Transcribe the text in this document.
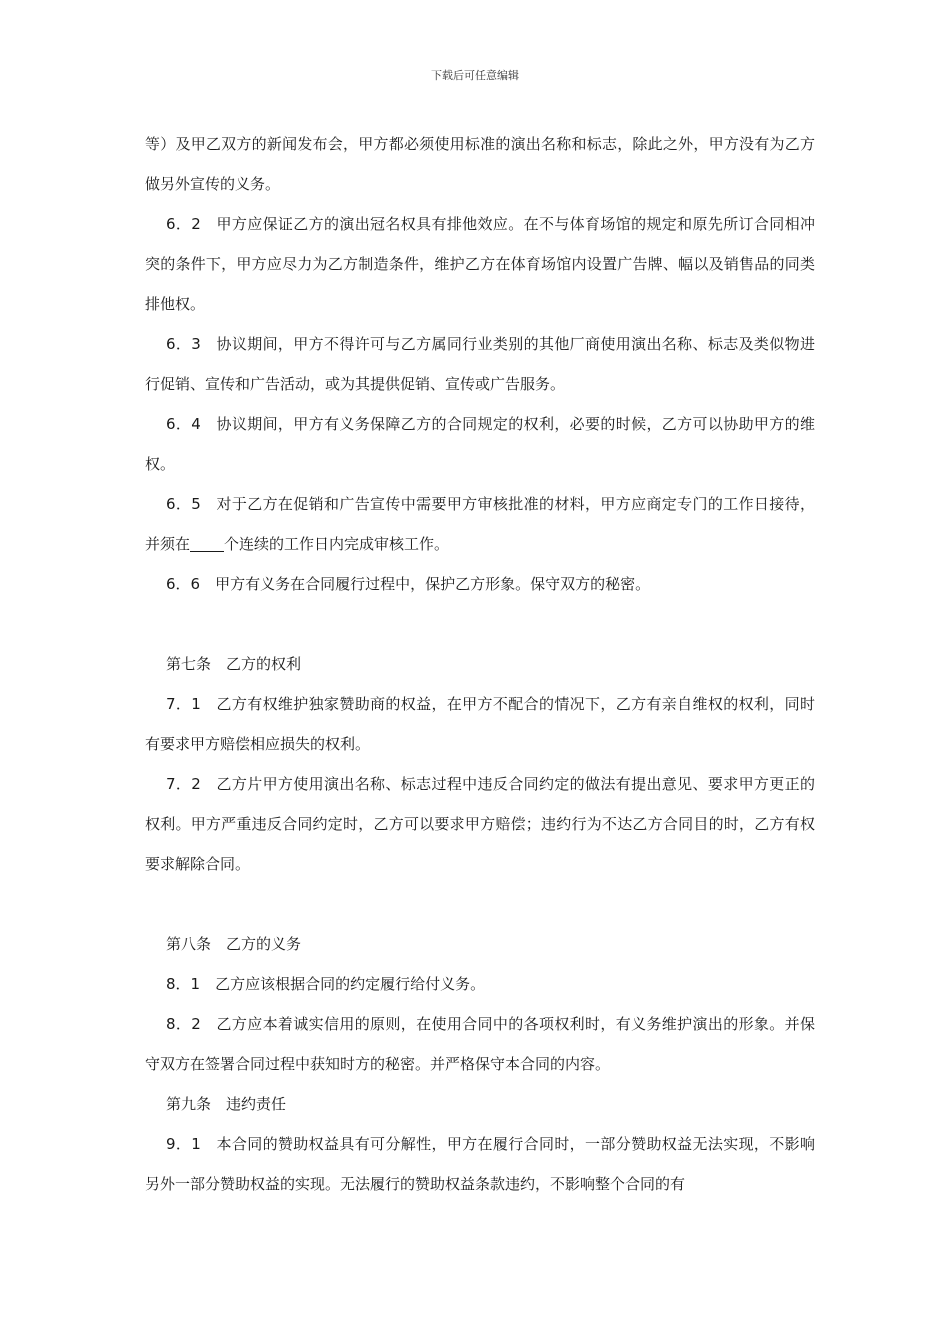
下载后可任意编辑

等）及甲乙双方的新闻发布会，甲方都必须使用标准的演出名称和标志，除此之外，甲方没有为乙方做另外宣传的义务。

6．2　甲方应保证乙方的演出冠名权具有排他效应。在不与体育场馆的规定和原先所订合同相冲突的条件下，甲方应尽力为乙方制造条件，维护乙方在体育场馆内设置广告牌、幅以及销售品的同类排他权。

6．3　协议期间，甲方不得许可与乙方属同行业类别的其他厂商使用演出名称、标志及类似物进行促销、宣传和广告活动，或为其提供促销、宣传或广告服务。

6．4　协议期间，甲方有义务保障乙方的合同规定的权利，必要的时候，乙方可以协助甲方的维权。

6．5　对于乙方在促销和广告宣传中需要甲方审核批准的材料，甲方应商定专门的工作日接待，并须在 个连续的工作日内完成审核工作。

6．6　甲方有义务在合同履行过程中，保护乙方形象。保守双方的秘密。

第七条　乙方的权利

7．1　乙方有权维护独家赞助商的权益，在甲方不配合的情况下，乙方有亲自维权的权利，同时有要求甲方赔偿相应损失的权利。

7．2　乙方片甲方使用演出名称、标志过程中违反合同约定的做法有提出意见、要求甲方更正的权利。甲方严重违反合同约定时，乙方可以要求甲方赔偿；违约行为不达乙方合同目的时，乙方有权要求解除合同。

第八条　乙方的义务

8．1　乙方应该根据合同的约定履行给付义务。

8．2　乙方应本着诚实信用的原则，在使用合同中的各项权利时，有义务维护演出的形象。并保守双方在签署合同过程中获知时方的秘密。并严格保守本合同的内容。

第九条　违约责任

9．1　本合同的赞助权益具有可分解性，甲方在履行合同时，一部分赞助权益无法实现，不影响另外一部分赞助权益的实现。无法履行的赞助权益条款违约，不影响整个合同的有
